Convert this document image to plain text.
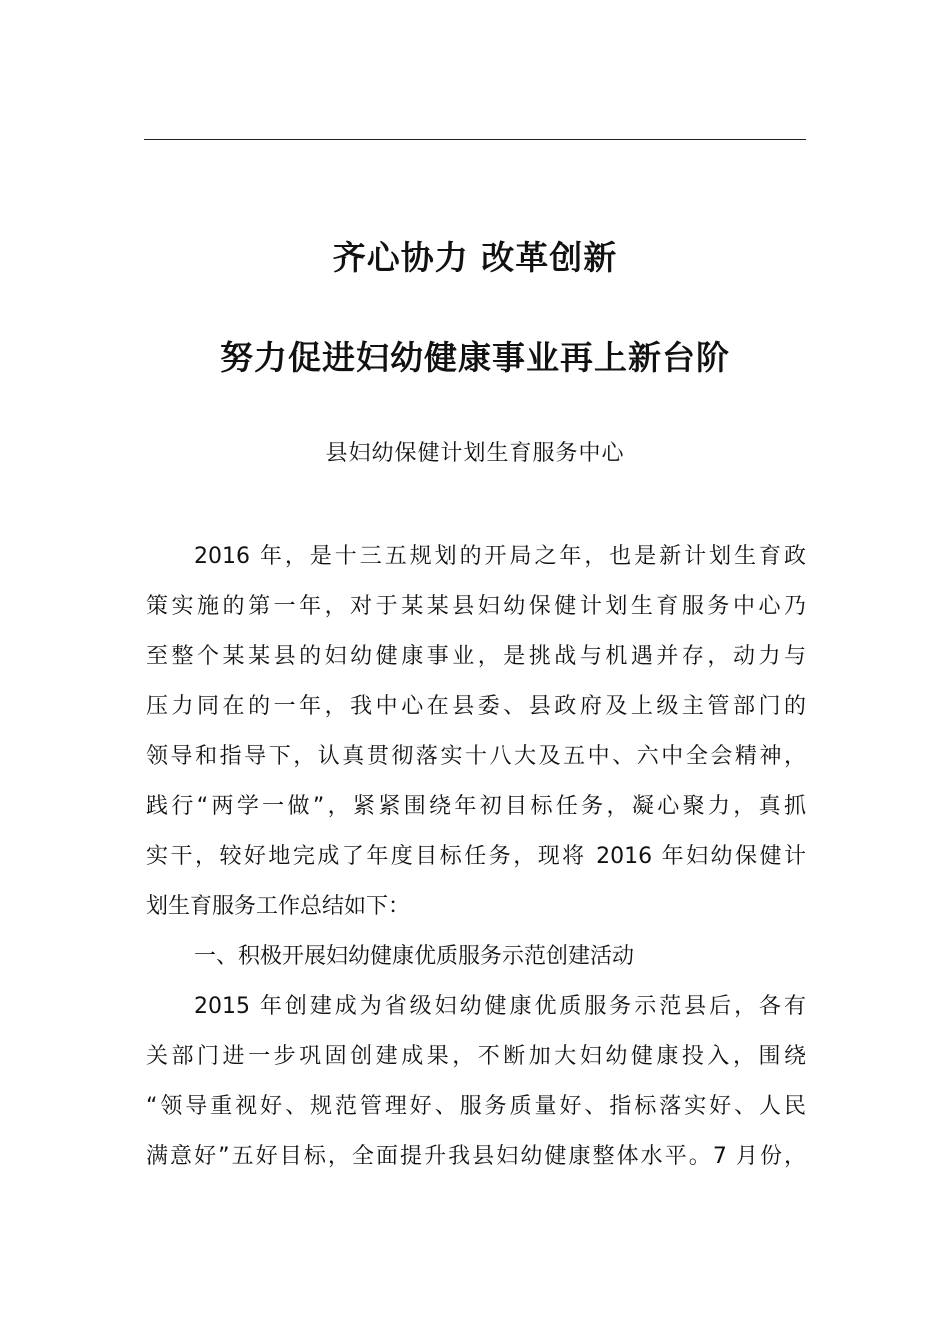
齐心协力 改革创新
努力促进妇幼健康事业再上新台阶
县妇幼保健计划生育服务中心
2016 年，是十三五规划的开局之年，也是新计划生育政
策实施的第一年，对于某某县妇幼保健计划生育服务中心乃
至整个某某县的妇幼健康事业，是挑战与机遇并存，动力与
压力同在的一年，我中心在县委、县政府及上级主管部门的
领导和指导下，认真贯彻落实十八大及五中、六中全会精神，
践行“两学一做”，紧紧围绕年初目标任务，凝心聚力，真抓
实干，较好地完成了年度目标任务，现将 2016 年妇幼保健计
划生育服务工作总结如下：
一、积极开展妇幼健康优质服务示范创建活动
2015 年创建成为省级妇幼健康优质服务示范县后，各有
关部门进一步巩固创建成果，不断加大妇幼健康投入，围绕
“领导重视好、规范管理好、服务质量好、指标落实好、人民
满意好”五好目标，全面提升我县妇幼健康整体水平。7 月份，
